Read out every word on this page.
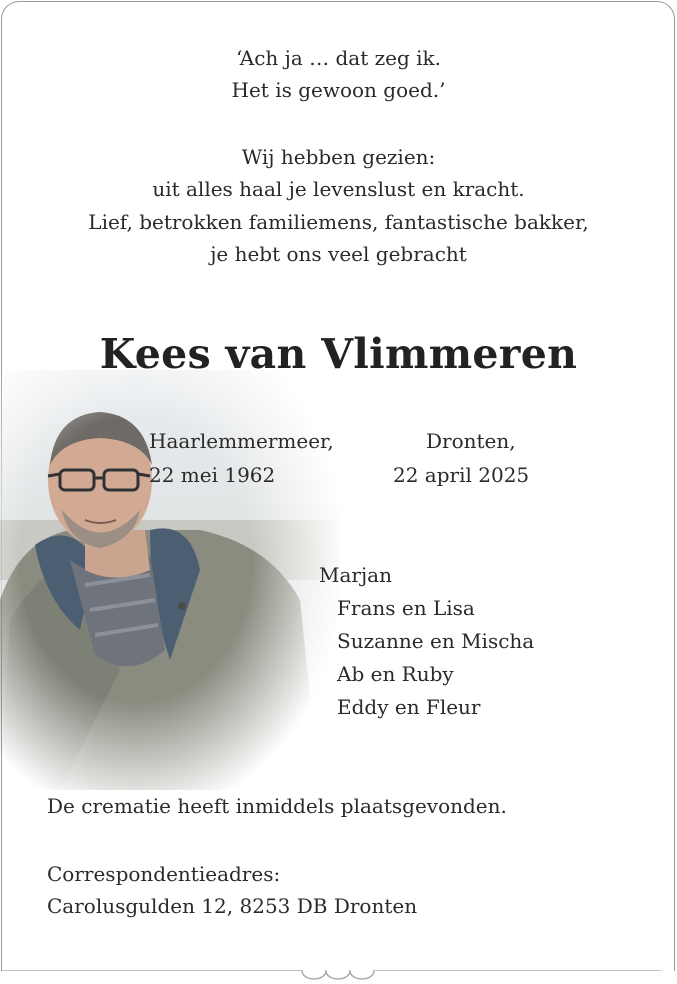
‘Ach ja … dat zeg ik.

Het is gewoon goed.’

Wij hebben gezien:

uit alles haal je levenslust en kracht.

Lief, betrokken familiemens, fantastische bakker,

je hebt ons veel gebracht

Kees van Vlimmeren
Haarlemmermeer,
22 mei 1962
Dronten,
22 april 2025
Marjan
Frans en Lisa
Suzanne en Mischa
Ab en Ruby
Eddy en Fleur
De crematie heeft inmiddels plaatsgevonden.
Correspondentieadres:
Carolusgulden 12, 8253 DB Dronten
